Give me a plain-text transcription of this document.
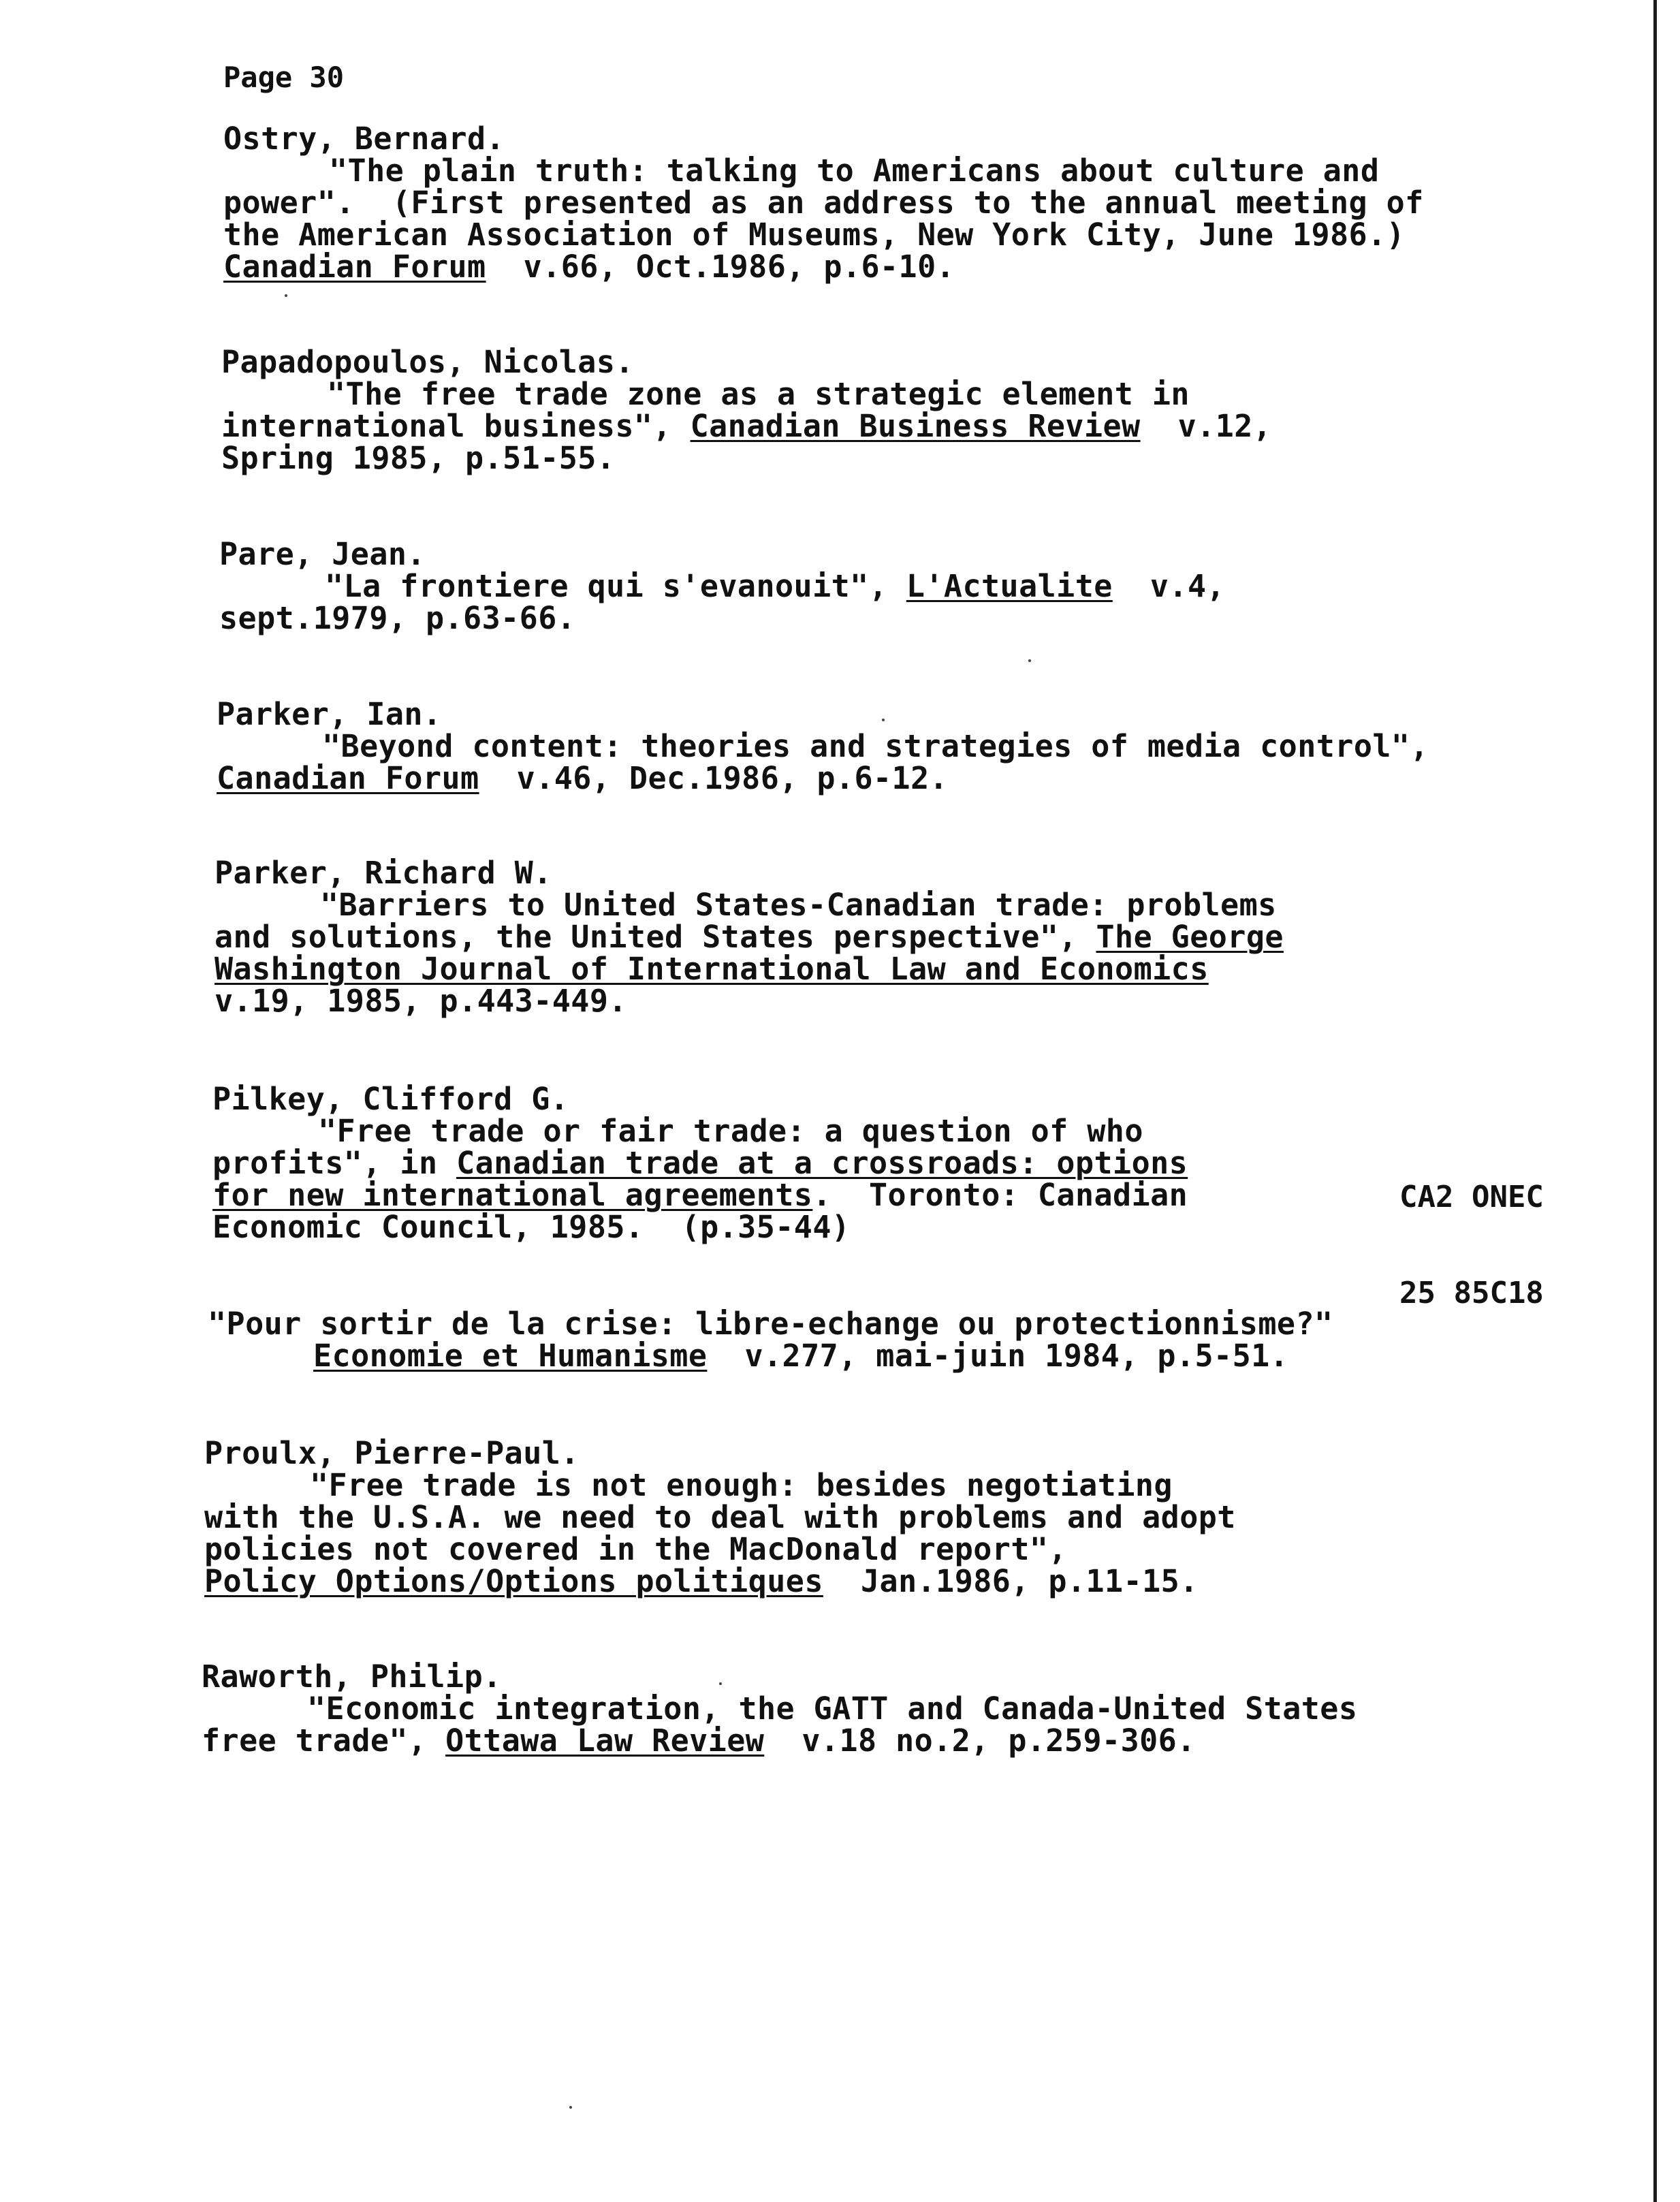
Page 30
Ostry, Bernard.
"The plain truth: talking to Americans about culture and
power".  (First presented as an address to the annual meeting of
the American Association of Museums, New York City, June 1986.)
Canadian Forum  v.66, Oct.1986, p.6-10.
Papadopoulos, Nicolas.
"The free trade zone as a strategic element in
international business", Canadian Business Review  v.12,
Spring 1985, p.51-55.
Pare, Jean.
"La frontiere qui s'evanouit", L'Actualite  v.4,
sept.1979, p.63-66.
Parker, Ian.
"Beyond content: theories and strategies of media control",
Canadian Forum  v.46, Dec.1986, p.6-12.
Parker, Richard W.
"Barriers to United States-Canadian trade: problems
and solutions, the United States perspective", The George
Washington Journal of International Law and Economics
v.19, 1985, p.443-449.
Pilkey, Clifford G.
"Free trade or fair trade: a question of who
profits", in Canadian trade at a crossroads: options
for new international agreements.  Toronto: Canadian
Economic Council, 1985.  (p.35-44)

CA2 ONEC

25 85C18

"Pour sortir de la crise: libre-echange ou protectionnisme?"
Economie et Humanisme  v.277, mai-juin 1984, p.5-51.
Proulx, Pierre-Paul.
"Free trade is not enough: besides negotiating
with the U.S.A. we need to deal with problems and adopt
policies not covered in the MacDonald report",
Policy Options/Options politiques  Jan.1986, p.11-15.
Raworth, Philip.
"Economic integration, the GATT and Canada-United States
free trade", Ottawa Law Review  v.18 no.2, p.259-306.
